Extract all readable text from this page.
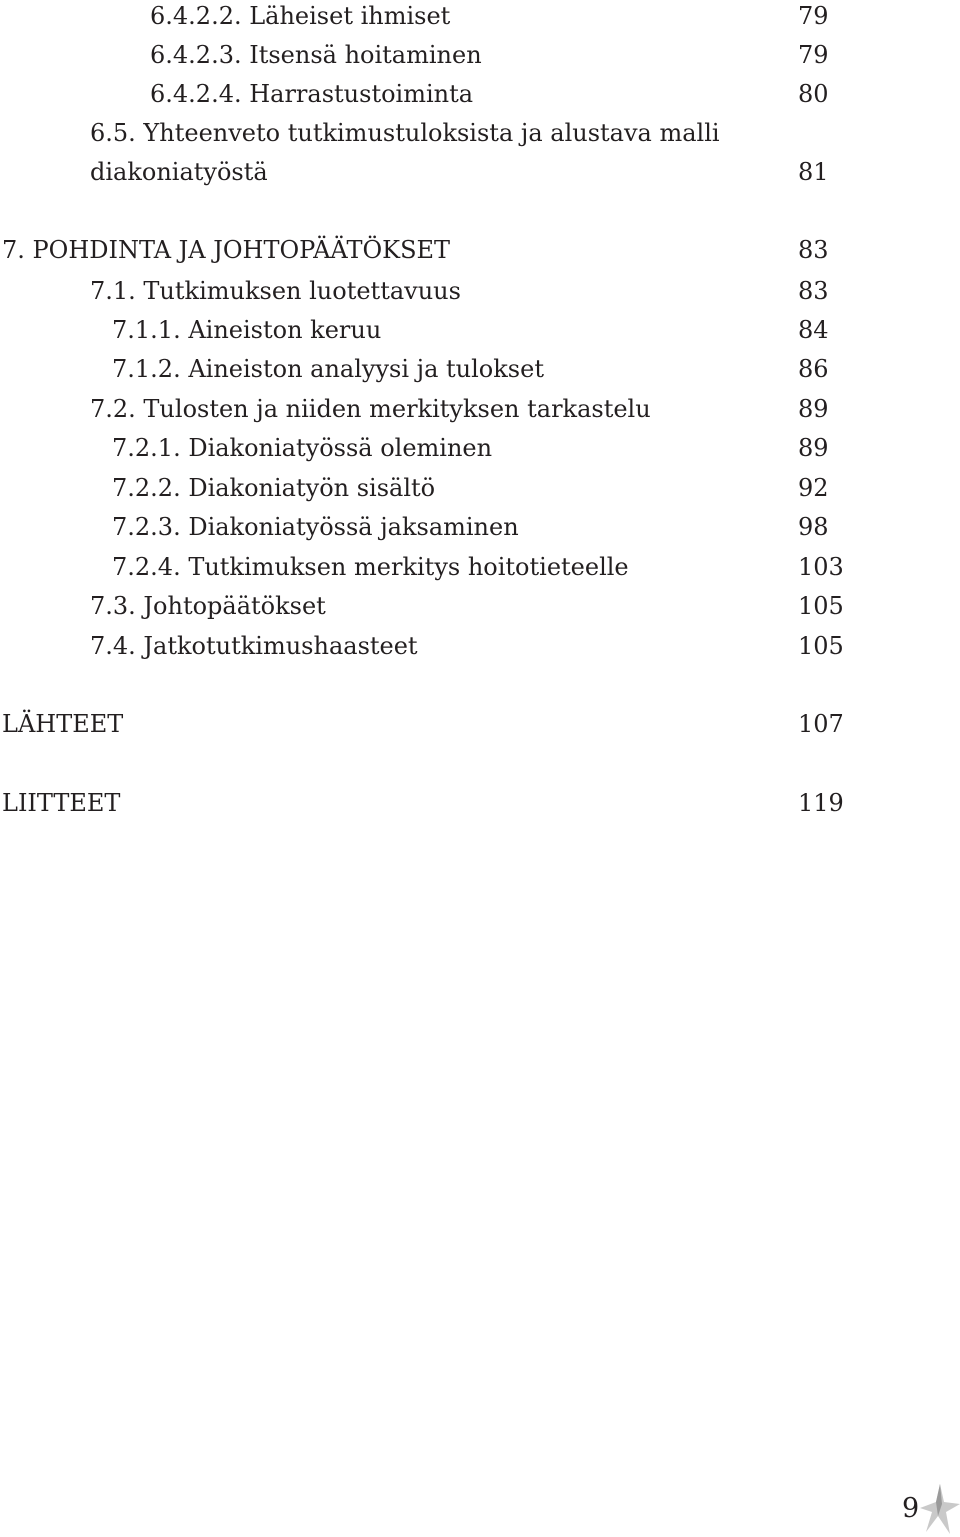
6.4.2.2. Läheiset ihmiset	79
6.4.2.3. Itsensä hoitaminen	79
6.4.2.4. Harrastustoiminta	80
6.5. Yhteenveto tutkimustuloksista ja alustava malli
diakoniatyöstä	81
7. POHDINTA JA JOHTOPÄÄTÖKSET	83
7.1. Tutkimuksen luotettavuus	83
7.1.1. Aineiston keruu	84
7.1.2. Aineiston analyysi ja tulokset	86
7.2. Tulosten ja niiden merkityksen tarkastelu	89
7.2.1. Diakoniatyössä oleminen	89
7.2.2. Diakoniatyön sisältö	92
7.2.3. Diakoniatyössä jaksaminen	98
7.2.4. Tutkimuksen merkitys hoitotieteelle	103
7.3. Johtopäätökset	105
7.4. Jatkotutkimushaasteet	105
LÄHTEET	107
LIITTEET	119
9
